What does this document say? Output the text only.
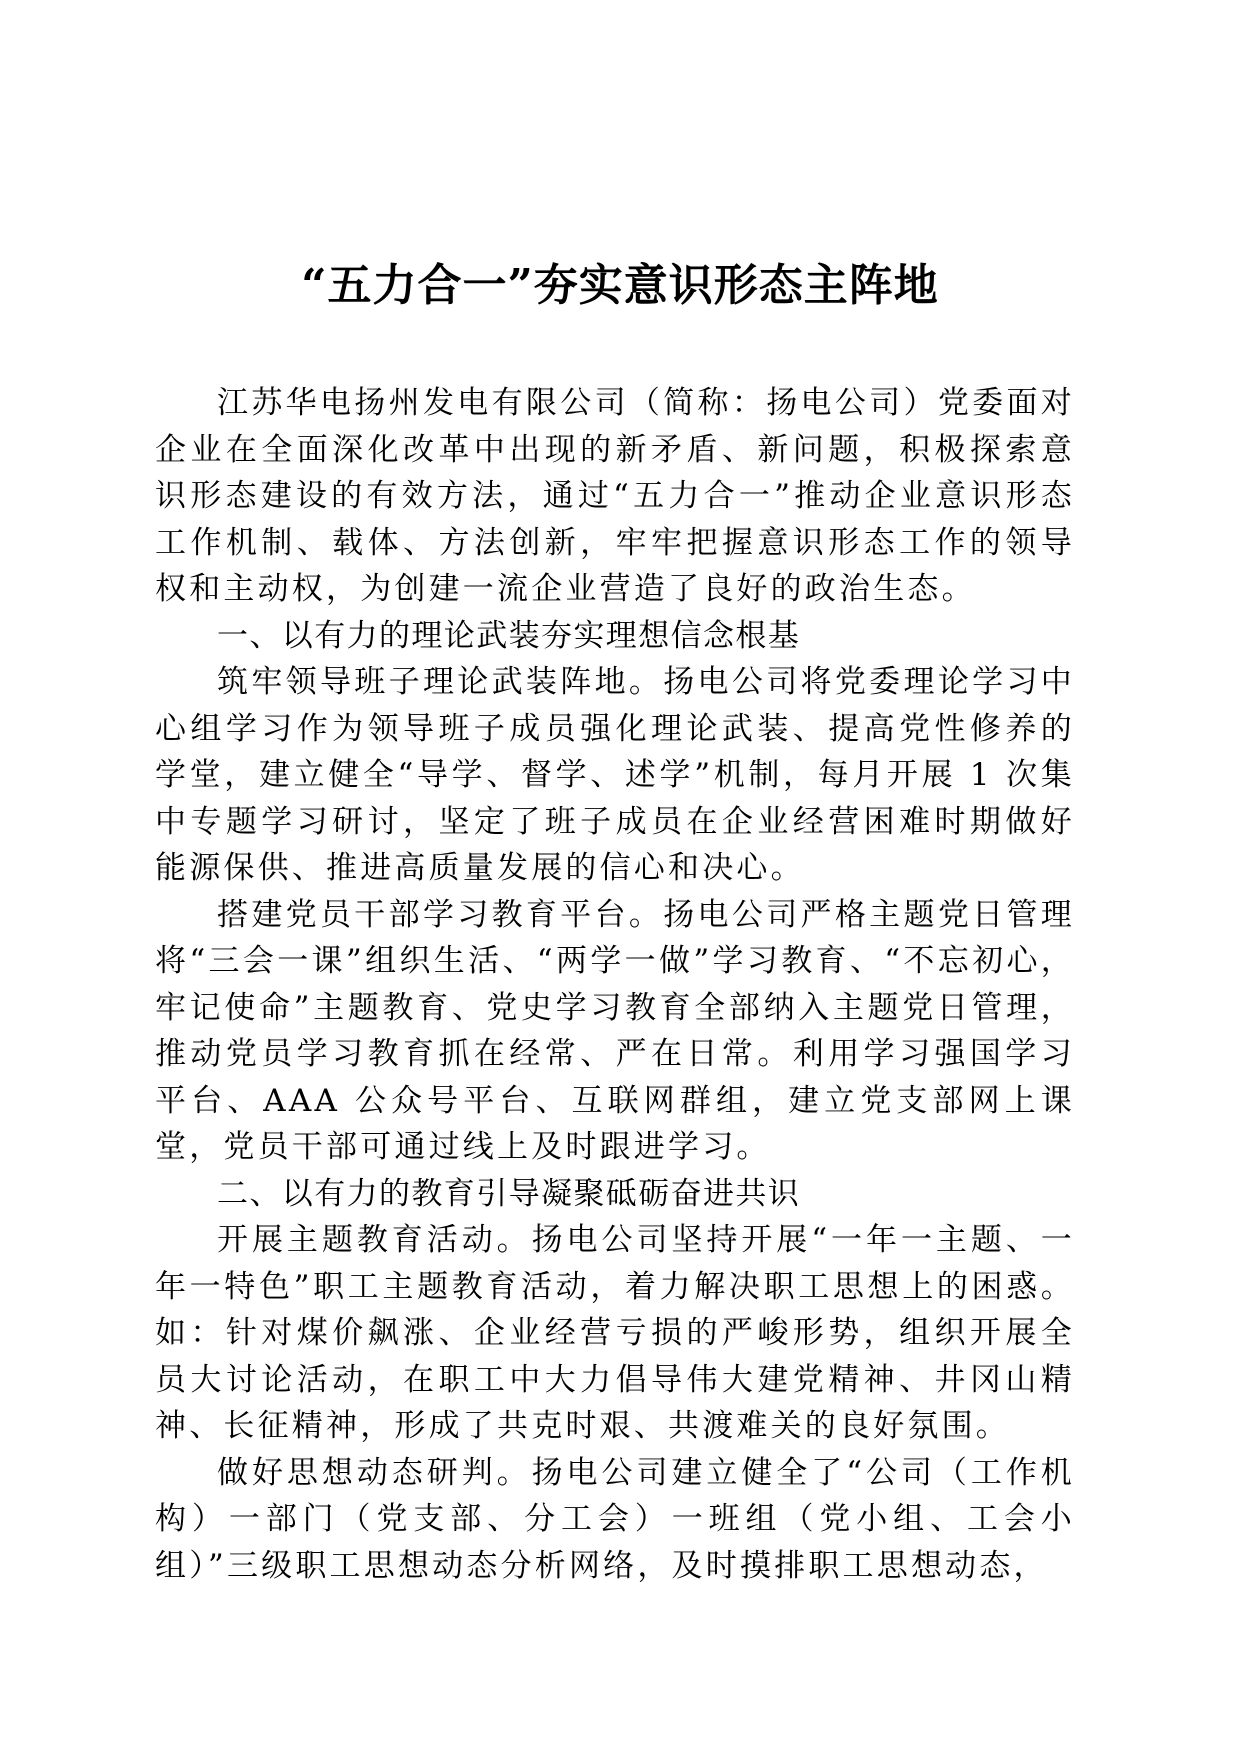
“五力合一”夯实意识形态主阵地

江苏华电扬州发电有限公司（简称：扬电公司）党委面对企业在全面深化改革中出现的新矛盾、新问题，积极探索意识形态建设的有效方法，通过“五力合一”推动企业意识形态工作机制、载体、方法创新，牢牢把握意识形态工作的领导权和主动权，为创建一流企业营造了良好的政治生态。

一、以有力的理论武装夯实理想信念根基

筑牢领导班子理论武装阵地。扬电公司将党委理论学习中心组学习作为领导班子成员强化理论武装、提高党性修养的学堂，建立健全“导学、督学、述学”机制，每月开展 1 次集中专题学习研讨，坚定了班子成员在企业经营困难时期做好能源保供、推进高质量发展的信心和决心。

搭建党员干部学习教育平台。扬电公司严格主题党日管理将“三会一课”组织生活、“两学一做”学习教育、“不忘初心，牢记使命”主题教育、党史学习教育全部纳入主题党日管理，推动党员学习教育抓在经常、严在日常。利用学习强国学习平台、AAA 公众号平台、互联网群组，建立党支部网上课堂，党员干部可通过线上及时跟进学习。

二、以有力的教育引导凝聚砥砺奋进共识

开展主题教育活动。扬电公司坚持开展“一年一主题、一年一特色”职工主题教育活动，着力解决职工思想上的困惑。如：针对煤价飙涨、企业经营亏损的严峻形势，组织开展全员大讨论活动，在职工中大力倡导伟大建党精神、井冈山精神、长征精神，形成了共克时艰、共渡难关的良好氛围。

做好思想动态研判。扬电公司建立健全了“公司（工作机构）一部门（党支部、分工会）一班组（党小组、工会小组）”三级职工思想动态分析网络，及时摸排职工思想动态，
